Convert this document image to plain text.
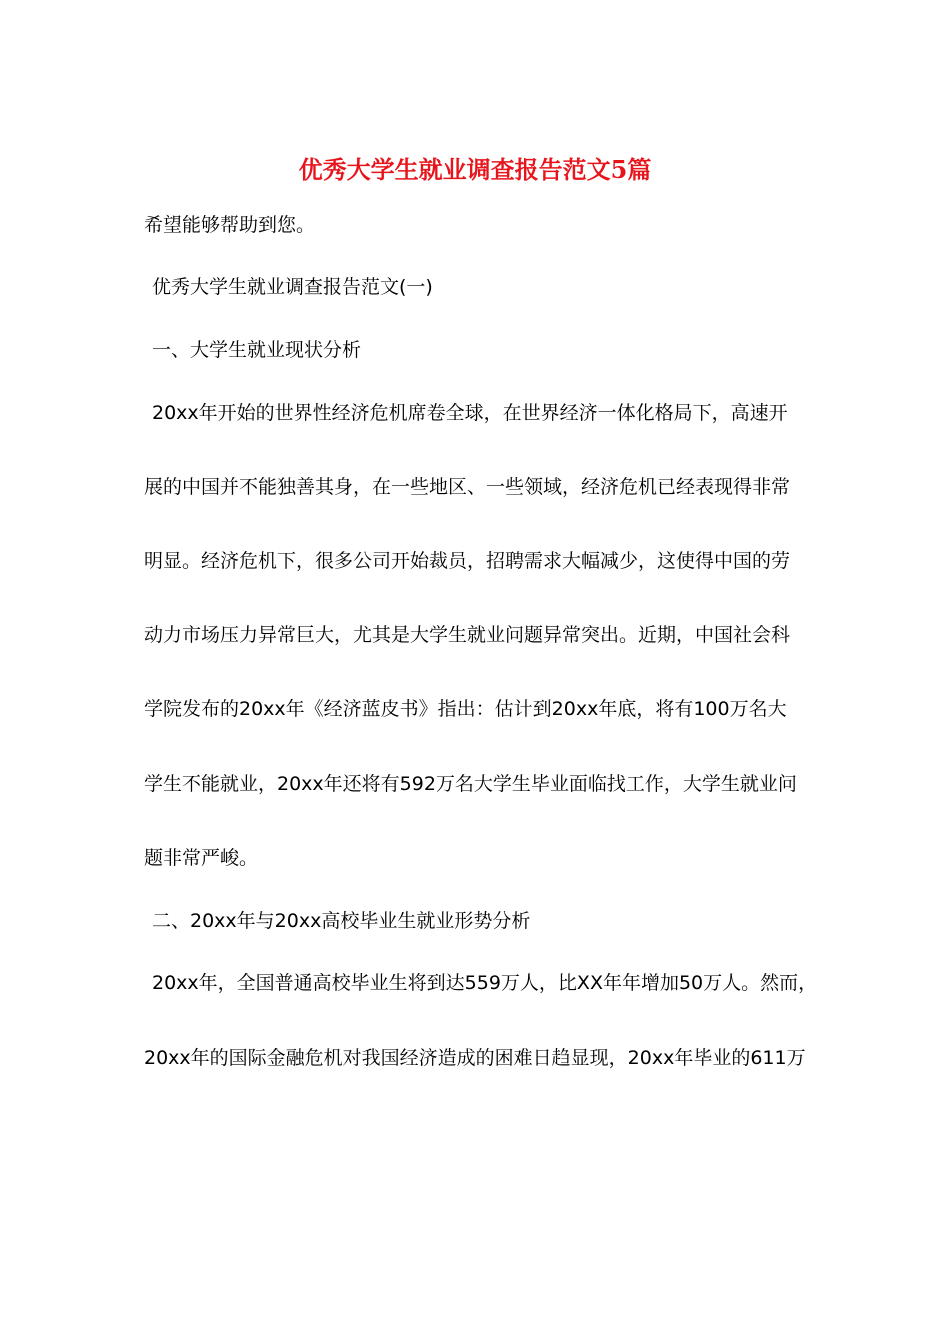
优秀大学生就业调查报告范文5篇
希望能够帮助到您。
优秀大学生就业调查报告范文(一)
一、大学生就业现状分析
20xx年开始的世界性经济危机席卷全球，在世界经济一体化格局下，高速开
展的中国并不能独善其身，在一些地区、一些领域，经济危机已经表现得非常
明显。经济危机下，很多公司开始裁员，招聘需求大幅减少，这使得中国的劳
动力市场压力异常巨大，尤其是大学生就业问题异常突出。近期，中国社会科
学院发布的20xx年《经济蓝皮书》指出：估计到20xx年底，将有100万名大
学生不能就业，20xx年还将有592万名大学生毕业面临找工作，大学生就业问
题非常严峻。
二、20xx年与20xx高校毕业生就业形势分析
20xx年，全国普通高校毕业生将到达559万人，比XX年年增加50万人。然而，
20xx年的国际金融危机对我国经济造成的困难日趋显现，20xx年毕业的611万
